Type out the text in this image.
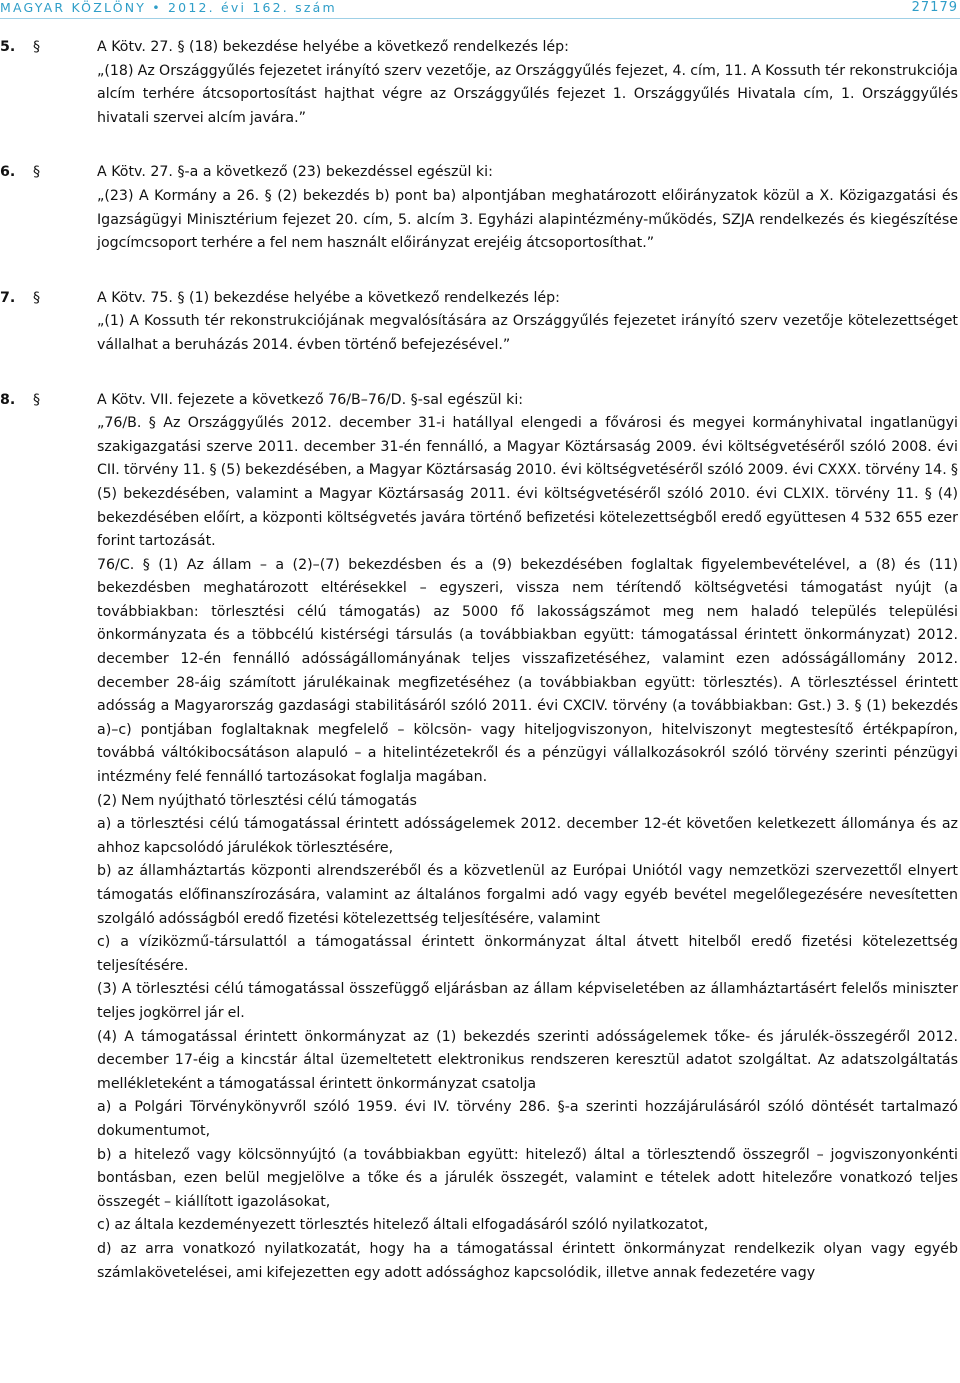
MAGYAR KÖZLÖNY • 2012. évi 162. szám	27179
5. §	A Kötv. 27. § (18) bekezdése helyébe a következő rendelkezés lép:

„(18) Az Országgyűlés fejezetet irányító szerv vezetője, az Országgyűlés fejezet, 4. cím, 11. A Kossuth tér rekonstrukciója alcím terhére átcsoportosítást hajthat végre az Országgyűlés fejezet 1. Országgyűlés Hivatala cím, 1. Országgyűlés hivatali szervei alcím javára.”

6. §	A Kötv. 27. §-a a következő (23) bekezdéssel egészül ki:

„(23) A Kormány a 26. § (2) bekezdés b) pont ba) alpontjában meghatározott előirányzatok közül a X. Közigazgatási és Igazságügyi Minisztérium fejezet 20. cím, 5. alcím 3. Egyházi alapintézmény-működés, SZJA rendelkezés és kiegészítése jogcímcsoport terhére a fel nem használt előirányzat erejéig átcsoportosíthat.”

7. §	A Kötv. 75. § (1) bekezdése helyébe a következő rendelkezés lép:

„(1) A Kossuth tér rekonstrukciójának megvalósítására az Országgyűlés fejezetet irányító szerv vezetője kötelezettséget vállalhat a beruházás 2014. évben történő befejezésével.”

8. §	A Kötv. VII. fejezete a következő 76/B–76/D. §-sal egészül ki:

„76/B. § Az Országgyűlés 2012. december 31-i hatállyal elengedi a fővárosi és megyei kormányhivatal ingatlanügyi szakigazgatási szerve 2011. december 31-én fennálló, a Magyar Köztársaság 2009. évi költségvetéséről szóló 2008. évi CII. törvény 11. § (5) bekezdésében, a Magyar Köztársaság 2010. évi költségvetéséről szóló 2009. évi CXXX. törvény 14. § (5) bekezdésében, valamint a Magyar Köztársaság 2011. évi költségvetéséről szóló 2010. évi CLXIX. törvény 11. § (4) bekezdésében előírt, a központi költségvetés javára történő befizetési kötelezettségből eredő együttesen 4 532 655 ezer forint tartozását.

76/C. § (1) Az állam – a (2)–(7) bekezdésben és a (9) bekezdésében foglaltak figyelembevételével, a (8) és (11) bekezdésben meghatározott eltérésekkel – egyszeri, vissza nem térítendő költségvetési támogatást nyújt (a továbbiakban: törlesztési célú támogatás) az 5000 fő lakosságszámot meg nem haladó település települési önkormányzata és a többcélú kistérségi társulás (a továbbiakban együtt: támogatással érintett önkormányzat) 2012. december 12-én fennálló adósságállományának teljes visszafizetéséhez, valamint ezen adósságállomány 2012. december 28-áig számított járulékainak megfizetéséhez (a továbbiakban együtt: törlesztés). A törlesztéssel érintett adósság a Magyarország gazdasági stabilitásáról szóló 2011. évi CXCIV. törvény (a továbbiakban: Gst.) 3. § (1) bekezdés a)–c) pontjában foglaltaknak megfelelő – kölcsön- vagy hiteljogviszonyon, hitelviszonyt megtestesítő értékpapíron, továbbá váltókibocsátáson alapuló – a hitelintézetekről és a pénzügyi vállalkozásokról szóló törvény szerinti pénzügyi intézmény felé fennálló tartozásokat foglalja magában.

(2) Nem nyújtható törlesztési célú támogatás

a) a törlesztési célú támogatással érintett adósságelemek 2012. december 12-ét követően keletkezett állománya és az ahhoz kapcsolódó járulékok törlesztésére,

b) az államháztartás központi alrendszeréből és a közvetlenül az Európai Uniótól vagy nemzetközi szervezettől elnyert támogatás előfinanszírozására, valamint az általános forgalmi adó vagy egyéb bevétel megelőlegezésére nevesítetten szolgáló adósságból eredő fizetési kötelezettség teljesítésére, valamint

c) a víziközmű-társulattól a támogatással érintett önkormányzat által átvett hitelből eredő fizetési kötelezettség teljesítésére.

(3) A törlesztési célú támogatással összefüggő eljárásban az állam képviseletében az államháztartásért felelős miniszter teljes jogkörrel jár el.

(4) A támogatással érintett önkormányzat az (1) bekezdés szerinti adósságelemek tőke- és járulék-összegéről 2012. december 17-éig a kincstár által üzemeltetett elektronikus rendszeren keresztül adatot szolgáltat. Az adatszolgáltatás mellékleteként a támogatással érintett önkormányzat csatolja

a) a Polgári Törvénykönyvről szóló 1959. évi IV. törvény 286. §-a szerinti hozzájárulásáról szóló döntését tartalmazó dokumentumot,

b) a hitelező vagy kölcsönnyújtó (a továbbiakban együtt: hitelező) által a törlesztendő összegről – jogviszonyonkénti bontásban, ezen belül megjelölve a tőke és a járulék összegét, valamint e tételek adott hitelezőre vonatkozó teljes összegét – kiállított igazolásokat,

c) az általa kezdeményezett törlesztés hitelező általi elfogadásáról szóló nyilatkozatot,

d) az arra vonatkozó nyilatkozatát, hogy ha a támogatással érintett önkormányzat rendelkezik olyan vagy egyéb számlakövetelései, ami kifejezetten egy adott adóssághoz kapcsolódik, illetve annak fedezetére vagy
